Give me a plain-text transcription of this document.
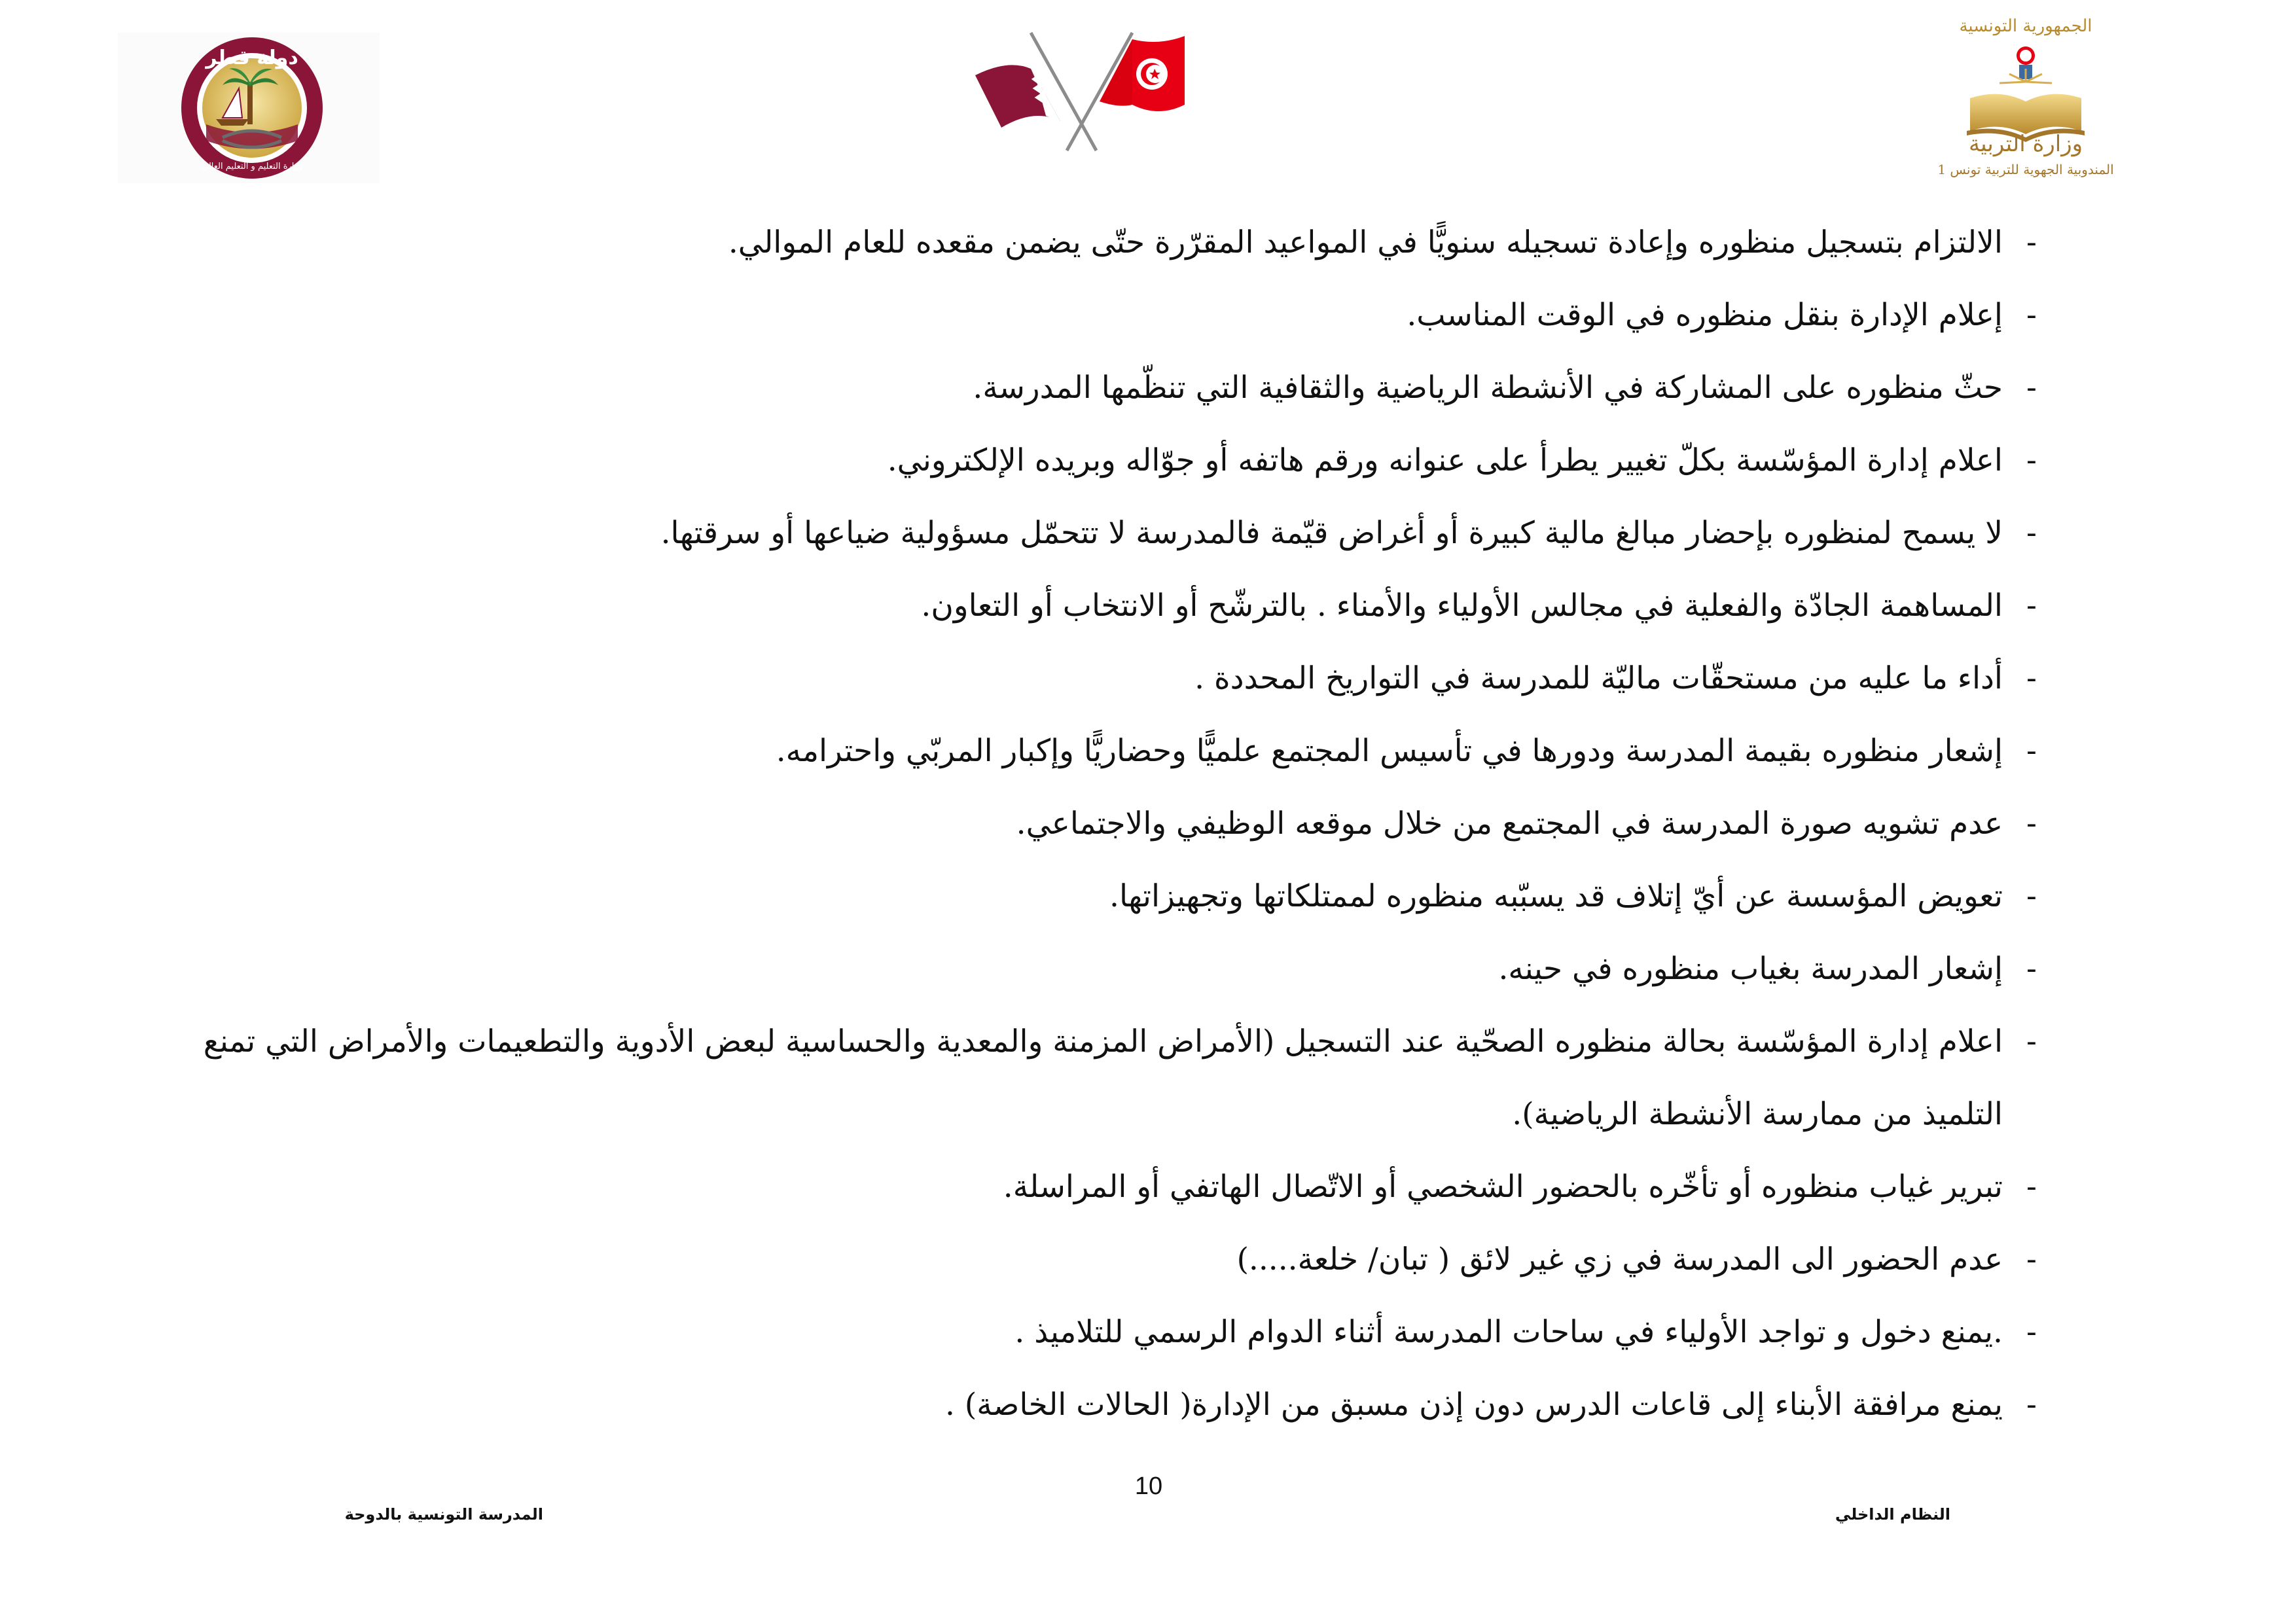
دولة قطر
وزارة التعليم و التعليم العالي
الجمهورية التونسية
وزارة التربية
المندوبية الجهوية للتربية تونس 1
-
الالتزام بتسجيل منظوره وإعادة تسجيله سنويًّا في المواعيد المقرّرة حتّى يضمن مقعده للعام الموالي.
-
إعلام الإدارة بنقل منظوره في الوقت المناسب.
-
حثّ منظوره على المشاركة في الأنشطة الرياضية والثقافية التي تنظّمها المدرسة.
-
اعلام إدارة المؤسّسة بكلّ تغيير يطرأ على عنوانه ورقم هاتفه أو جوّاله وبريده الإلكتروني.
-
لا يسمح لمنظوره بإحضار مبالغ مالية كبيرة أو أغراض قيّمة فالمدرسة لا تتحمّل مسؤولية ضياعها أو سرقتها.
-
المساهمة الجادّة والفعلية في مجالس الأولياء والأمناء . بالترشّح أو الانتخاب أو التعاون.
-
أداء ما عليه من مستحقّات ماليّة للمدرسة في التواريخ المحددة .
-
إشعار منظوره بقيمة المدرسة ودورها في تأسيس المجتمع علميًّا وحضاريًّا وإكبار المربّي واحترامه.
-
عدم تشويه صورة المدرسة في المجتمع من خلال موقعه الوظيفي والاجتماعي.
-
تعويض المؤسسة عن أيّ إتلاف قد يسبّبه منظوره لممتلكاتها وتجهيزاتها.
-
إشعار المدرسة بغياب منظوره في حينه.
-
اعلام إدارة المؤسّسة بحالة منظوره الصحّية عند التسجيل (الأمراض المزمنة والمعدية والحساسية لبعض الأدوية والتطعيمات والأمراض التي تمنع التلميذ من ممارسة الأنشطة الرياضية).
-
تبرير غياب منظوره أو تأخّره بالحضور الشخصي أو الاتّصال الهاتفي أو المراسلة.
-
عدم الحضور الى المدرسة في زي غير لائق ( تبان/ خلعة.....)
-
.يمنع دخول و تواجد الأولياء في ساحات المدرسة أثناء الدوام الرسمي للتلاميذ .
-
يمنع مرافقة الأبناء إلى قاعات الدرس دون إذن مسبق من الإدارة( الحالات الخاصة) .
10
النظام الداخلي
المدرسة التونسية بالدوحة
